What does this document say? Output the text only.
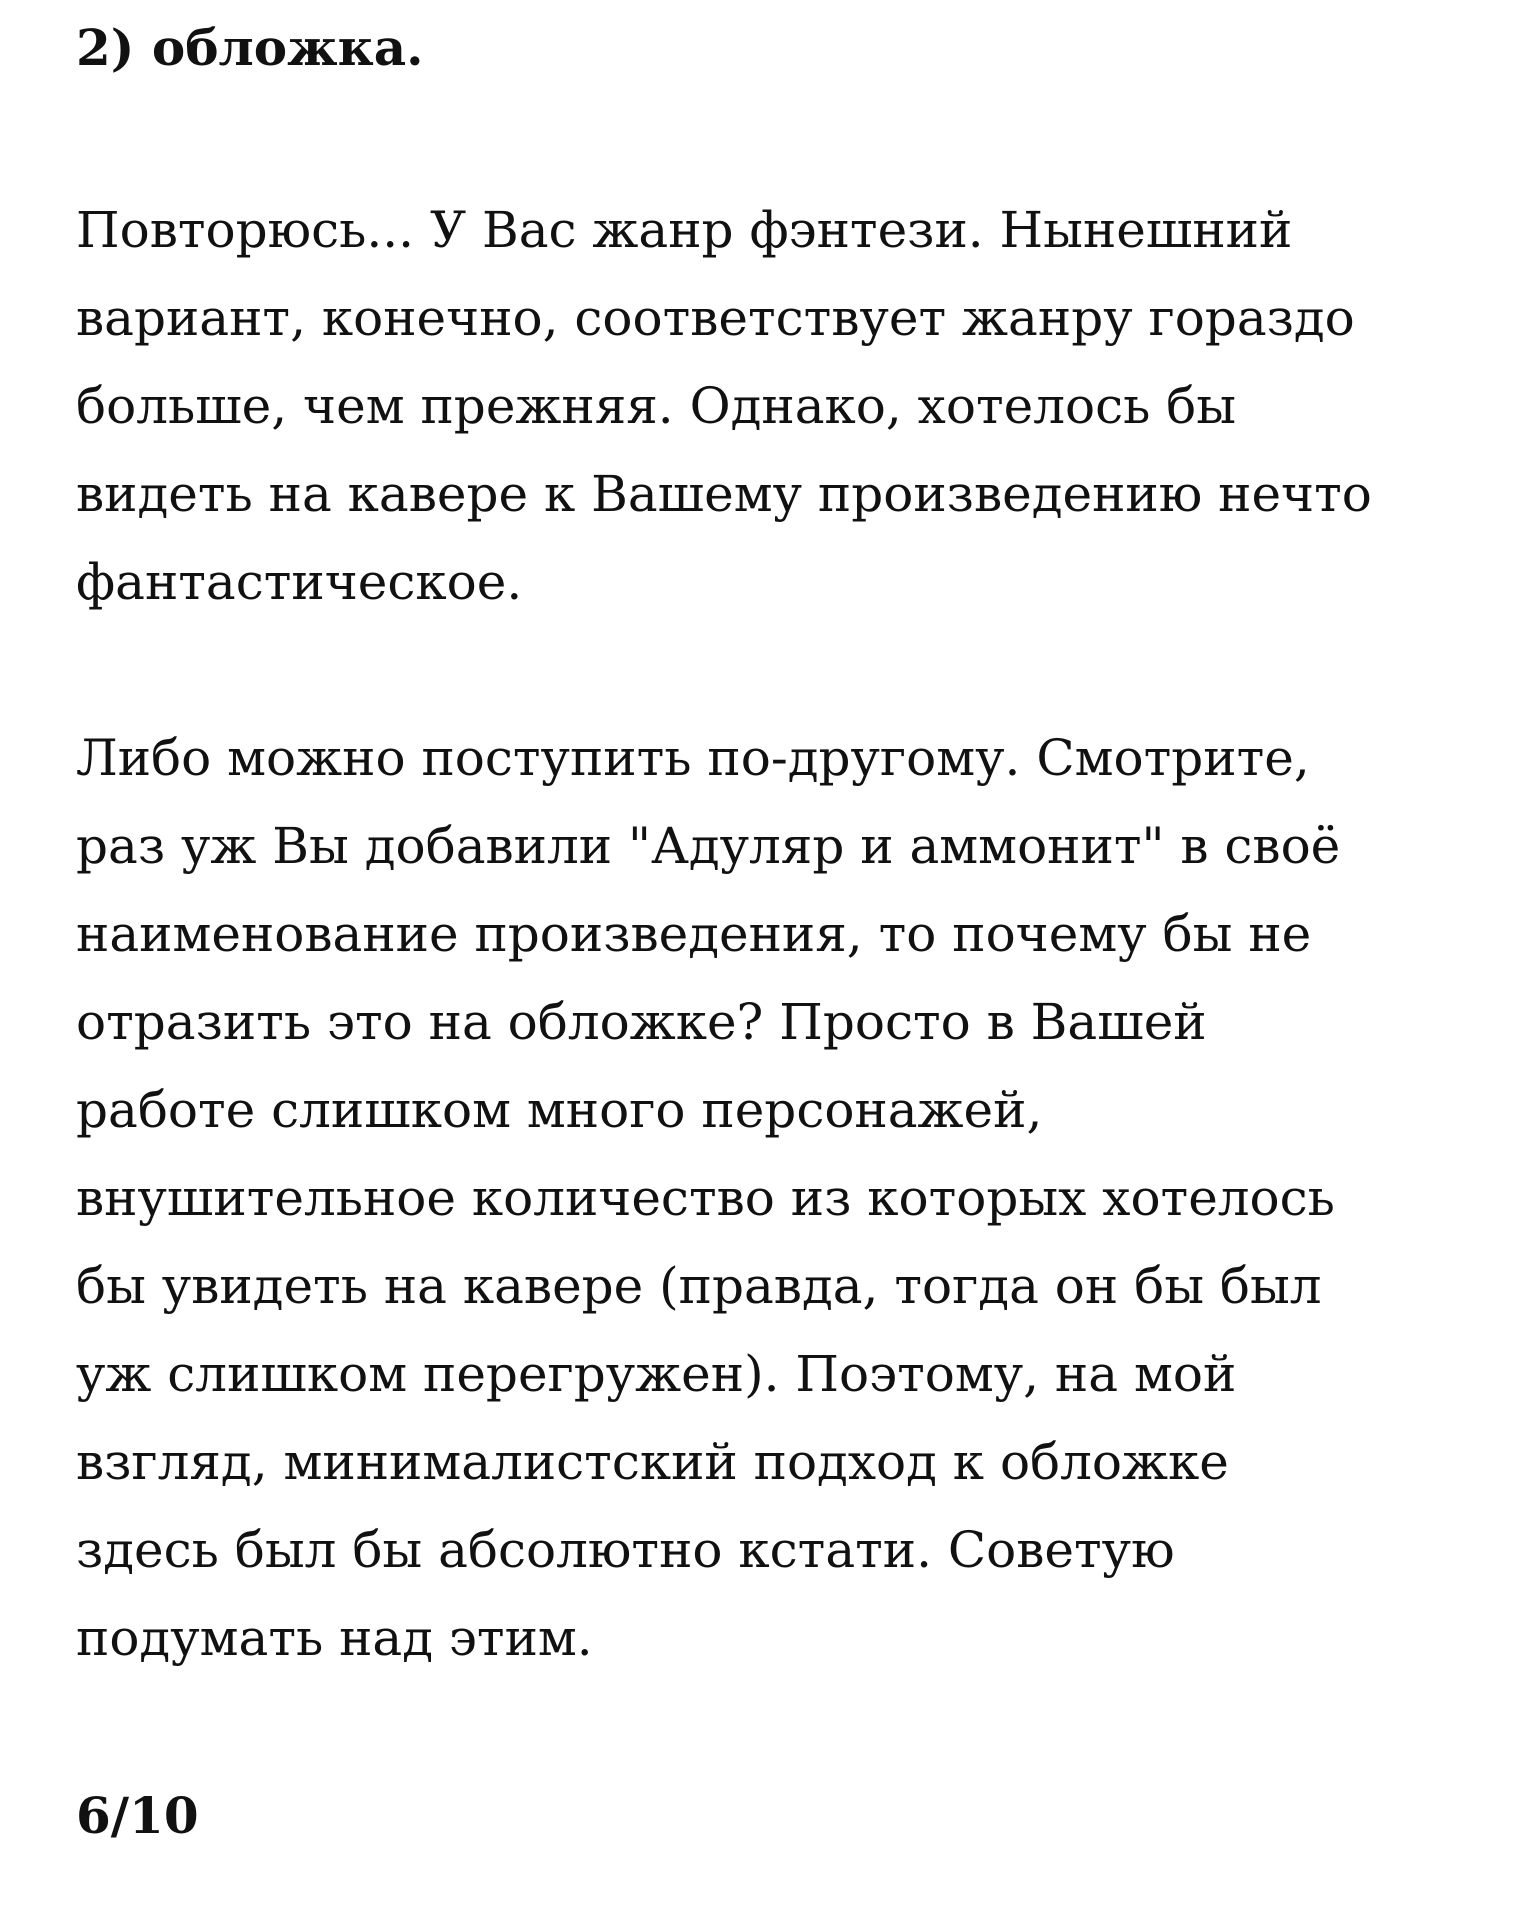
2) обложка.

Повторюсь... У Вас жанр фэнтези. Нынешний
вариант, конечно, соответствует жанру гораздо
больше, чем прежняя. Однако, хотелось бы
видеть на кавере к Вашему произведению нечто
фантастическое.

Либо можно поступить по-другому. Смотрите,
раз уж Вы добавили "Адуляр и аммонит" в своё
наименование произведения, то почему бы не
отразить это на обложке? Просто в Вашей
работе слишком много персонажей,
внушительное количество из которых хотелось
бы увидеть на кавере (правда, тогда он бы был
уж слишком перегружен). Поэтому, на мой
взгляд, минималистский подход к обложке
здесь был бы абсолютно кстати. Советую
подумать над этим.

6/10
